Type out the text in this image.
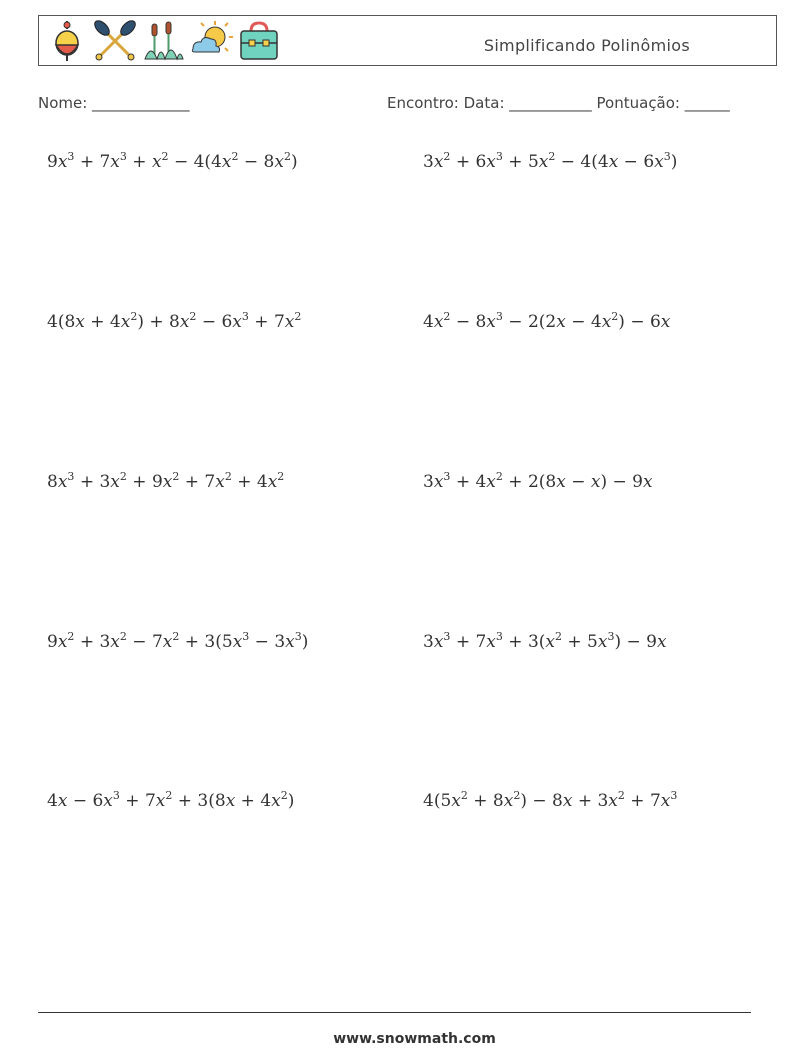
Simplificando Polinômios
Nome: _____________	Encontro: Data: ___________ Pontuação: ______
$9x^3 + 7x^3 + x^2 - 4(4x^2 - 8x^2)$	$3x^2 + 6x^3 + 5x^2 - 4(4x - 6x^3)$
$4(8x + 4x^2) + 8x^2 - 6x^3 + 7x^2$	$4x^2 - 8x^3 - 2(2x - 4x^2) - 6x$
$8x^3 + 3x^2 + 9x^2 + 7x^2 + 4x^2$	$3x^3 + 4x^2 + 2(8x - x) - 9x$
$9x^2 + 3x^2 - 7x^2 + 3(5x^3 - 3x^3)$	$3x^3 + 7x^3 + 3(x^2 + 5x^3) - 9x$
$4x - 6x^3 + 7x^2 + 3(8x + 4x^2)$	$4(5x^2 + 8x^2) - 8x + 3x^2 + 7x^3$
www.snowmath.com
